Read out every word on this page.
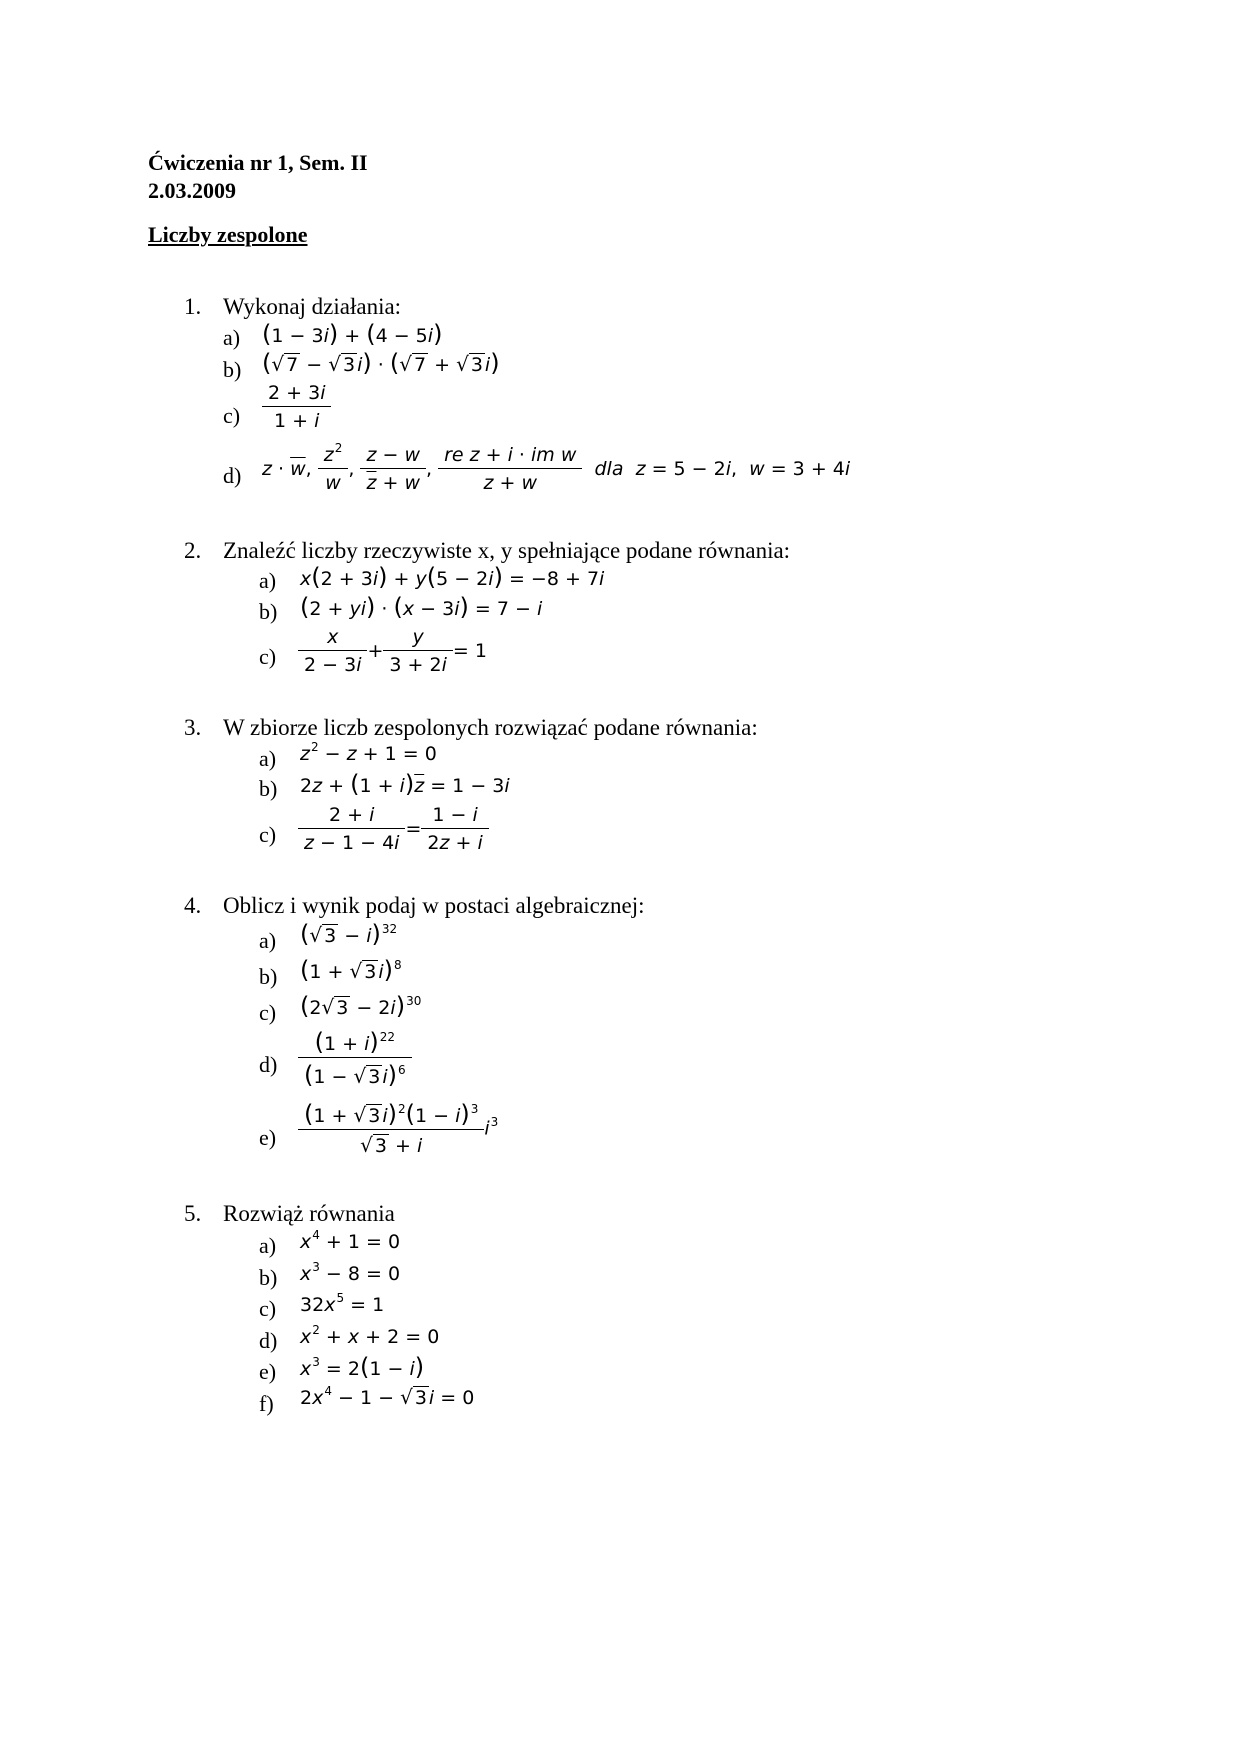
Ćwiczenia nr 1, Sem. II
2.03.2009
Liczby zespolone
1. Wykonaj działania:
a) (1 − 3i) + (4 − 5i)
b) (√ 7 − √ 3 i) · (√ 7 + √ 3 i)
$c) \frac{2 + 3i}{1 + i}$
d) $z \cdot \overline{w}$, $\frac{z^2}{w}$ , $\frac{z - w}{\overline{z} + w}$ , $\frac{\text{re z + i · im w}}{z + w}$ dla z = 5 − 2i,  w = 3 + 4i
2. Znaleźć liczby rzeczywiste x, y spełniające podane równania:
a) x(2 + 3i) + y(5 − 2i) = −8 + 7i
b) (2 + yi) · (x − 3i) = 7 − i
$c) \frac{x}{2 - 3i} + \frac{y}{3 + 2i} = 1$
3. W zbiorze liczb zespolonych rozwiązać podane równania:
a) $z^2 - z + 1 = 0$
b) $2z + (1 + i)\overline{z} = 1 - 3i$
$c) \frac{2 + i}{z - 1 - 4i} = \frac{1 - i}{2z + i}$
4. Oblicz i wynik podaj w postaci algebraicznej:
a) (√ 3 − i)$^{32}$
b) (1 + √ 3 i)$^8$
c) (2√ 3 − 2i)$^{30}$
$d) \frac{(1 + i)^{22}}{(1 - √ 3 i)^6}$
$e) \frac{(1 + √ 3 i)^2(1 - i)^3}{√ 3 + i} i^3$
5. Rozwiąż równania
a) $x^4 + 1 = 0$
b) $x^3 - 8 = 0$
c) $32x^5 = 1$
d) $x^2 + x + 2 = 0$
e) $x^3 = 2(1 - i)$
f) $2x^4 - 1$ − √ 3 i = 0
